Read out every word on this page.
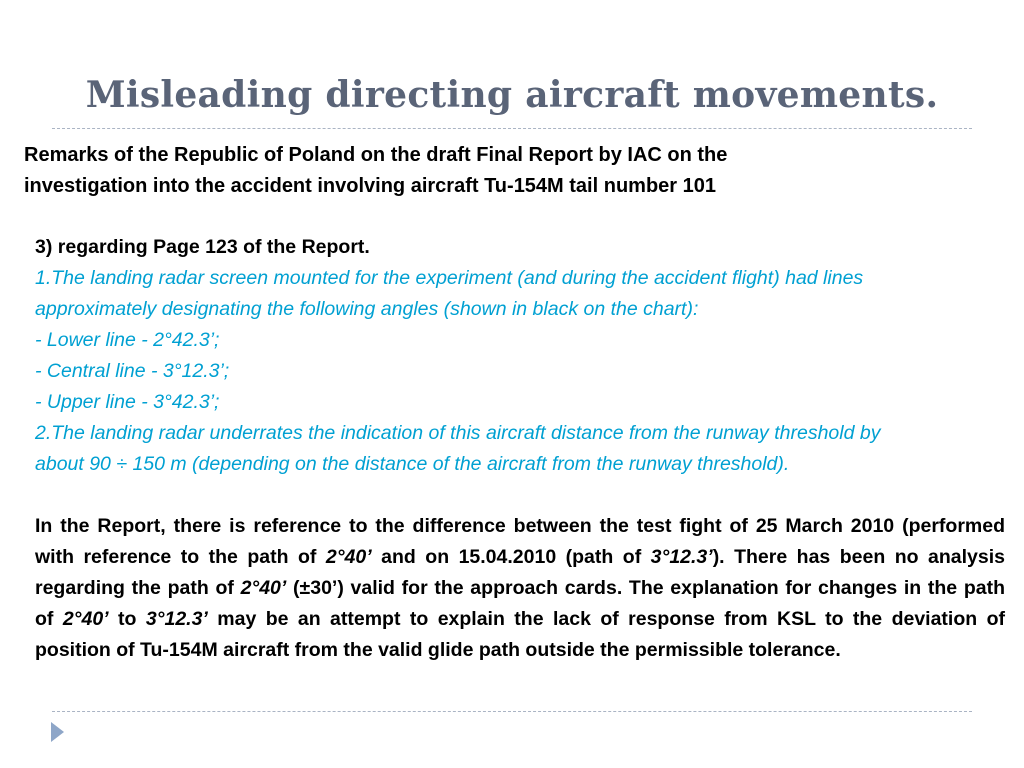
Misleading directing aircraft movements.
Remarks of the Republic of Poland on the draft Final Report by IAC on the
investigation into the accident involving aircraft Tu-154M tail number 101
3) regarding Page 123 of the Report.
1.The landing radar screen mounted for the experiment (and during the accident flight) had lines
approximately designating the following angles (shown in black on the chart):
- Lower line - 2°42.3’;
- Central line - 3°12.3’;
- Upper line - 3°42.3’;
2.The landing radar underrates the indication of this aircraft distance from the runway threshold by
about 90 ÷ 150 m (depending on the distance of the aircraft from the runway threshold).
In the Report, there is reference to the difference between the test fight of 25 March 2010 (performed with reference to the path of 2°40’ and on 15.04.2010 (path of 3°12.3’). There has been no analysis regarding the path of 2°40’ (±30’) valid for the approach cards. The explanation for changes in the path of 2°40’ to 3°12.3’ may be an attempt to explain the lack of response from KSL to the deviation of position of Tu-154M aircraft from the valid glide path outside the permissible tolerance.
